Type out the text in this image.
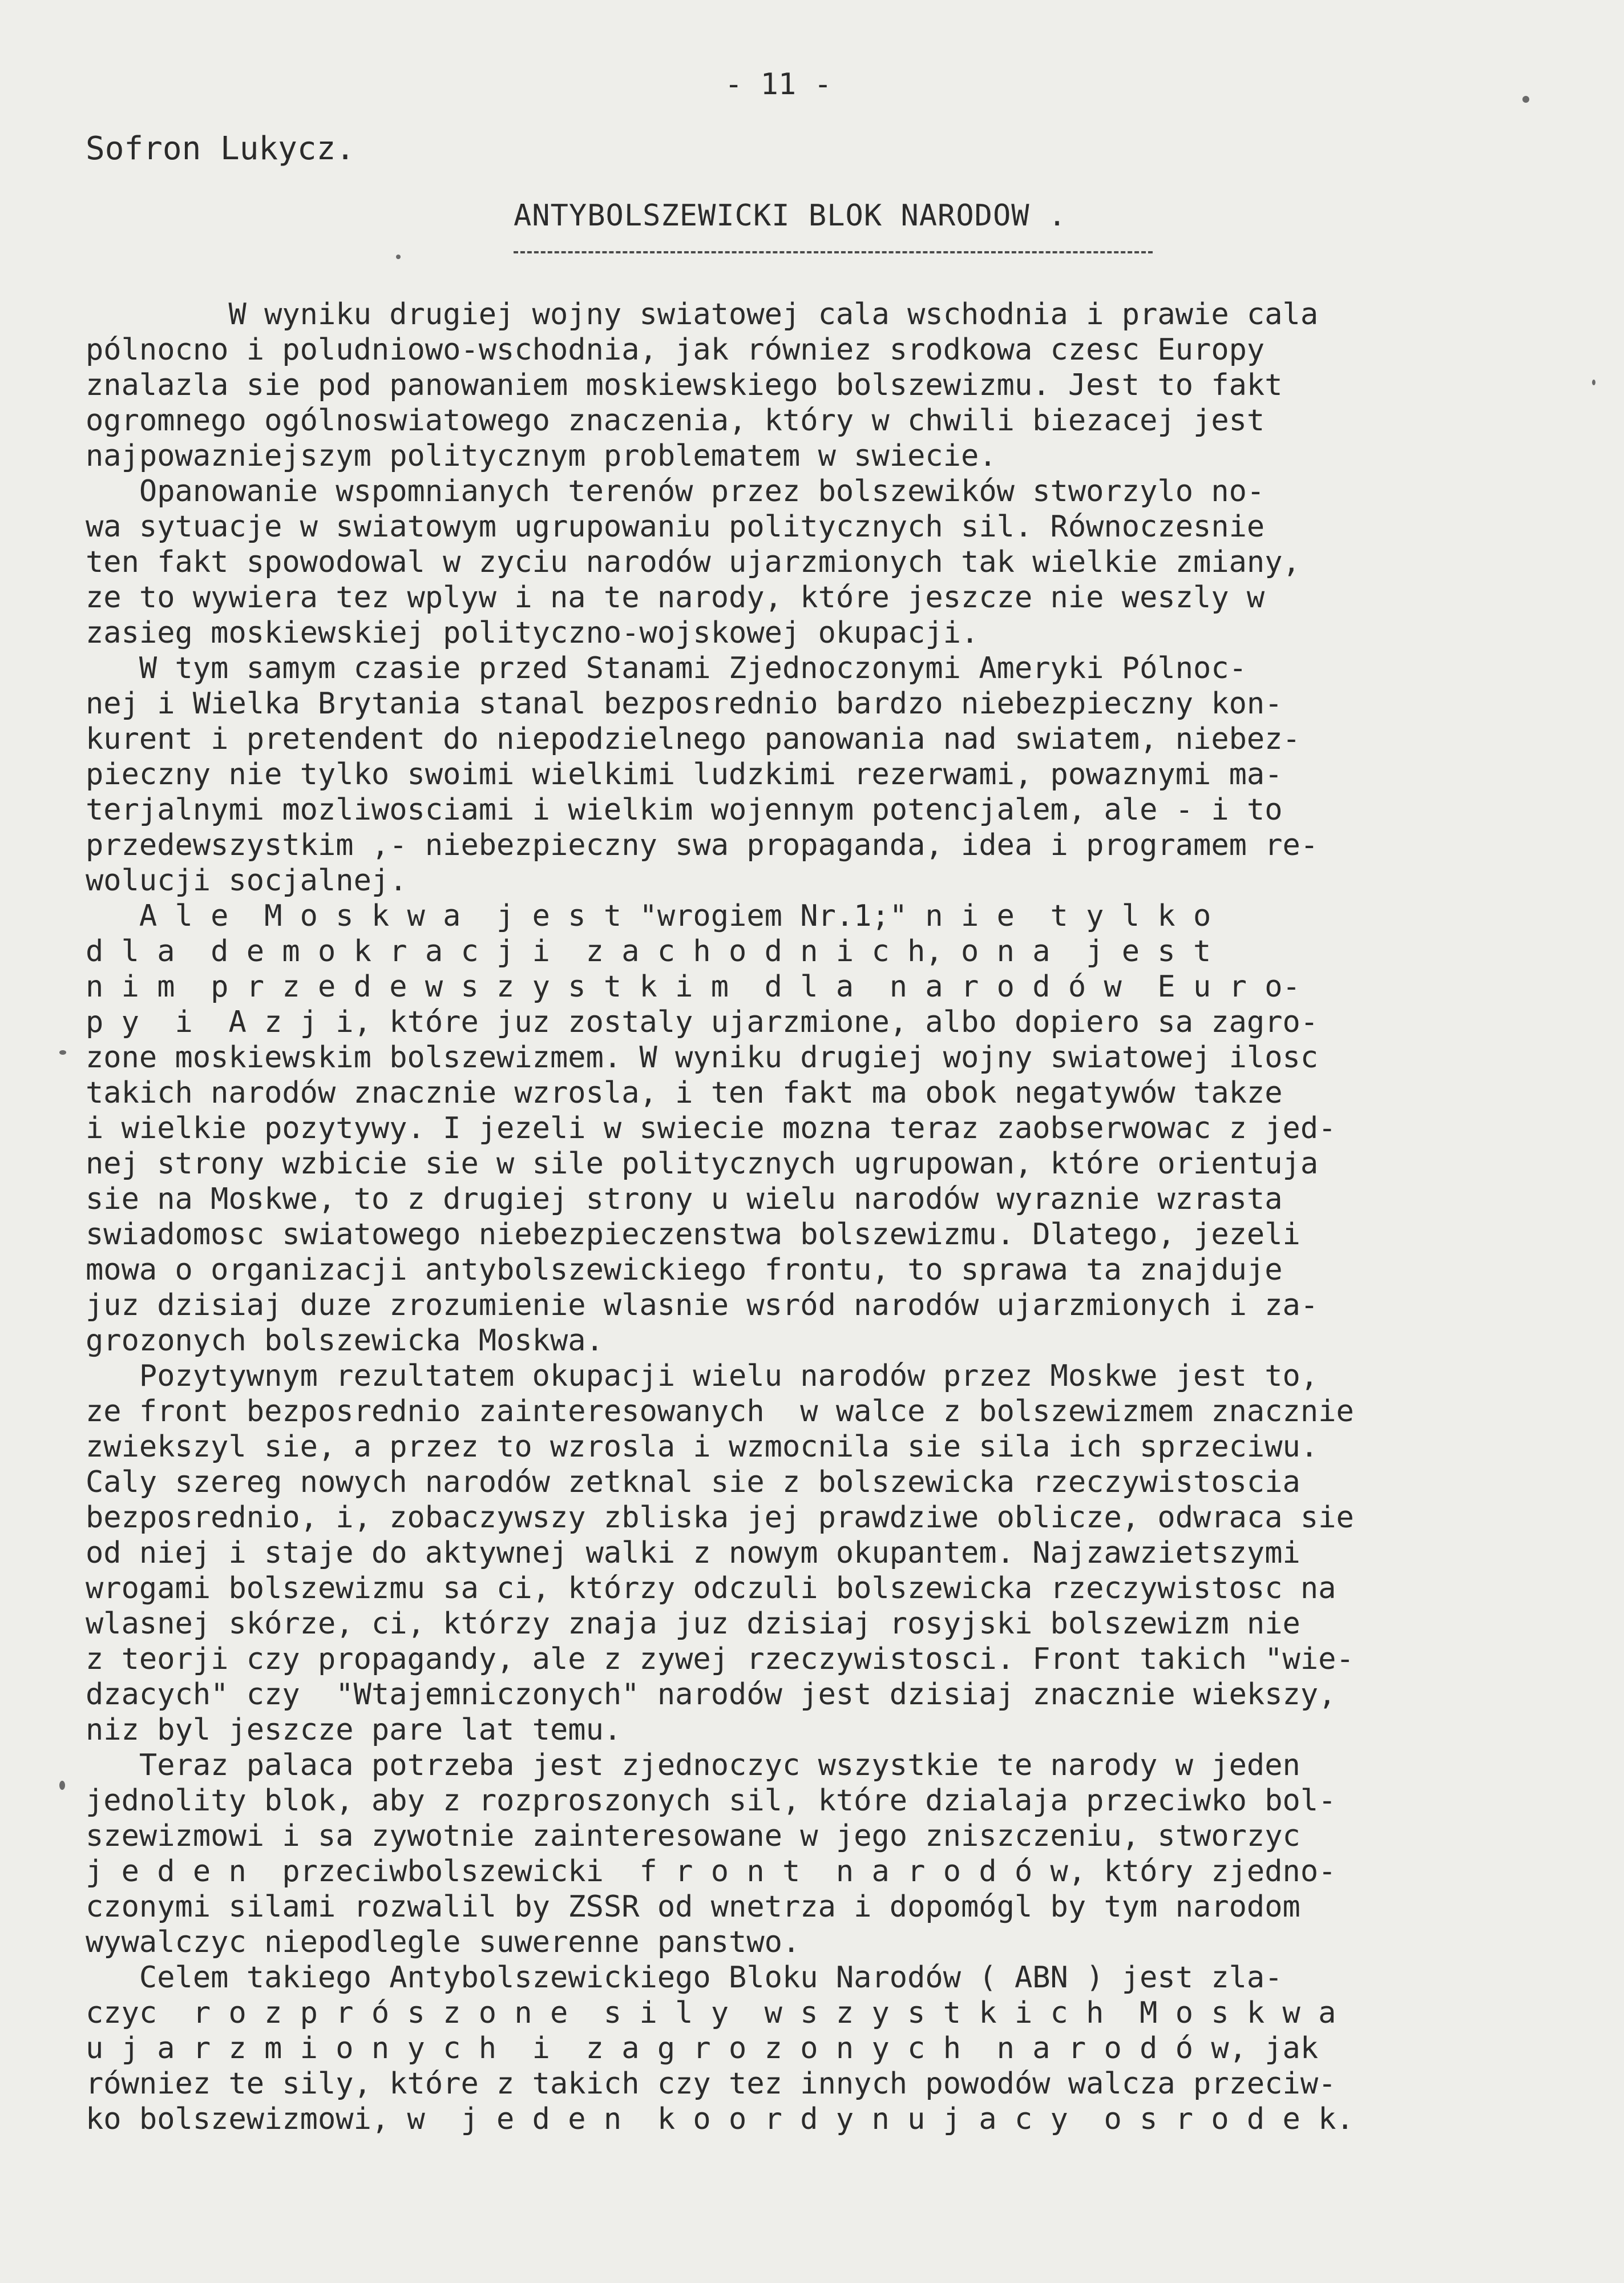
- 11 -
Sofron Lukycz.
ANTYBOLSZEWICKI BLOK NARODOW .
W wyniku drugiej wojny swiatowej cala wschodnia i prawie cala
pólnocno i poludniowo-wschodnia, jak równiez srodkowa czesc Europy
znalazla sie pod panowaniem moskiewskiego bolszewizmu. Jest to fakt
ogromnego ogólnoswiatowego znaczenia, który w chwili biezacej jest
najpowazniejszym politycznym problematem w swiecie.
Opanowanie wspomnianych terenów przez bolszewików stworzylo no-
wa sytuacje w swiatowym ugrupowaniu politycznych sil. Równoczesnie
ten fakt spowodowal w zyciu narodów ujarzmionych tak wielkie zmiany,
ze to wywiera tez wplyw i na te narody, które jeszcze nie weszly w
zasieg moskiewskiej polityczno-wojskowej okupacji.
W tym samym czasie przed Stanami Zjednoczonymi Ameryki Pólnoc-
nej i Wielka Brytania stanal bezposrednio bardzo niebezpieczny kon-
kurent i pretendent do niepodzielnego panowania nad swiatem, niebez-
pieczny nie tylko swoimi wielkimi ludzkimi rezerwami, powaznymi ma-
terjalnymi mozliwosciami i wielkim wojennym potencjalem, ale - i to
przedewszystkim ,- niebezpieczny swa propaganda, idea i programem re-
wolucji socjalnej.
A l e  M o s k w a  j e s t "wrogiem Nr.1;" n i e  t y l k o
d l a  d e m o k r a c j i  z a c h o d n i c h, o n a  j e s t
n i m  p r z e d e w s z y s t k i m  d l a  n a r o d ó w  E u r o-
p y  i  A z j i, które juz zostaly ujarzmione, albo dopiero sa zagro-
zone moskiewskim bolszewizmem. W wyniku drugiej wojny swiatowej ilosc
takich narodów znacznie wzrosla, i ten fakt ma obok negatywów takze
i wielkie pozytywy. I jezeli w swiecie mozna teraz zaobserwowac z jed-
nej strony wzbicie sie w sile politycznych ugrupowan, które orientuja
sie na Moskwe, to z drugiej strony u wielu narodów wyraznie wzrasta
swiadomosc swiatowego niebezpieczenstwa bolszewizmu. Dlatego, jezeli
mowa o organizacji antybolszewickiego frontu, to sprawa ta znajduje
juz dzisiaj duze zrozumienie wlasnie wsród narodów ujarzmionych i za-
grozonych bolszewicka Moskwa.
Pozytywnym rezultatem okupacji wielu narodów przez Moskwe jest to,
ze front bezposrednio zainteresowanych  w walce z bolszewizmem znacznie
zwiekszyl sie, a przez to wzrosla i wzmocnila sie sila ich sprzeciwu.
Caly szereg nowych narodów zetknal sie z bolszewicka rzeczywistoscia
bezposrednio, i, zobaczywszy zbliska jej prawdziwe oblicze, odwraca sie
od niej i staje do aktywnej walki z nowym okupantem. Najzawzietszymi
wrogami bolszewizmu sa ci, którzy odczuli bolszewicka rzeczywistosc na
wlasnej skórze, ci, którzy znaja juz dzisiaj rosyjski bolszewizm nie
z teorji czy propagandy, ale z zywej rzeczywistosci. Front takich "wie-
dzacych" czy  "Wtajemniczonych" narodów jest dzisiaj znacznie wiekszy,
niz byl jeszcze pare lat temu.
Teraz palaca potrzeba jest zjednoczyc wszystkie te narody w jeden
jednolity blok, aby z rozproszonych sil, które dzialaja przeciwko bol-
szewizmowi i sa zywotnie zainteresowane w jego zniszczeniu, stworzyc
j e d e n  przeciwbolszewicki  f r o n t  n a r o d ó w, który zjedno-
czonymi silami rozwalil by ZSSR od wnetrza i dopomógl by tym narodom
wywalczyc niepodlegle suwerenne panstwo.
Celem takiego Antybolszewickiego Bloku Narodów ( ABN ) jest zla-
czyc  r o z p r ó s z o n e  s i l y  w s z y s t k i c h  M o s k w a
u j a r z m i o n y c h  i  z a g r o z o n y c h  n a r o d ó w, jak
równiez te sily, które z takich czy tez innych powodów walcza przeciw-
ko bolszewizmowi, w  j e d e n  k o o r d y n u j a c y  o s r o d e k.
